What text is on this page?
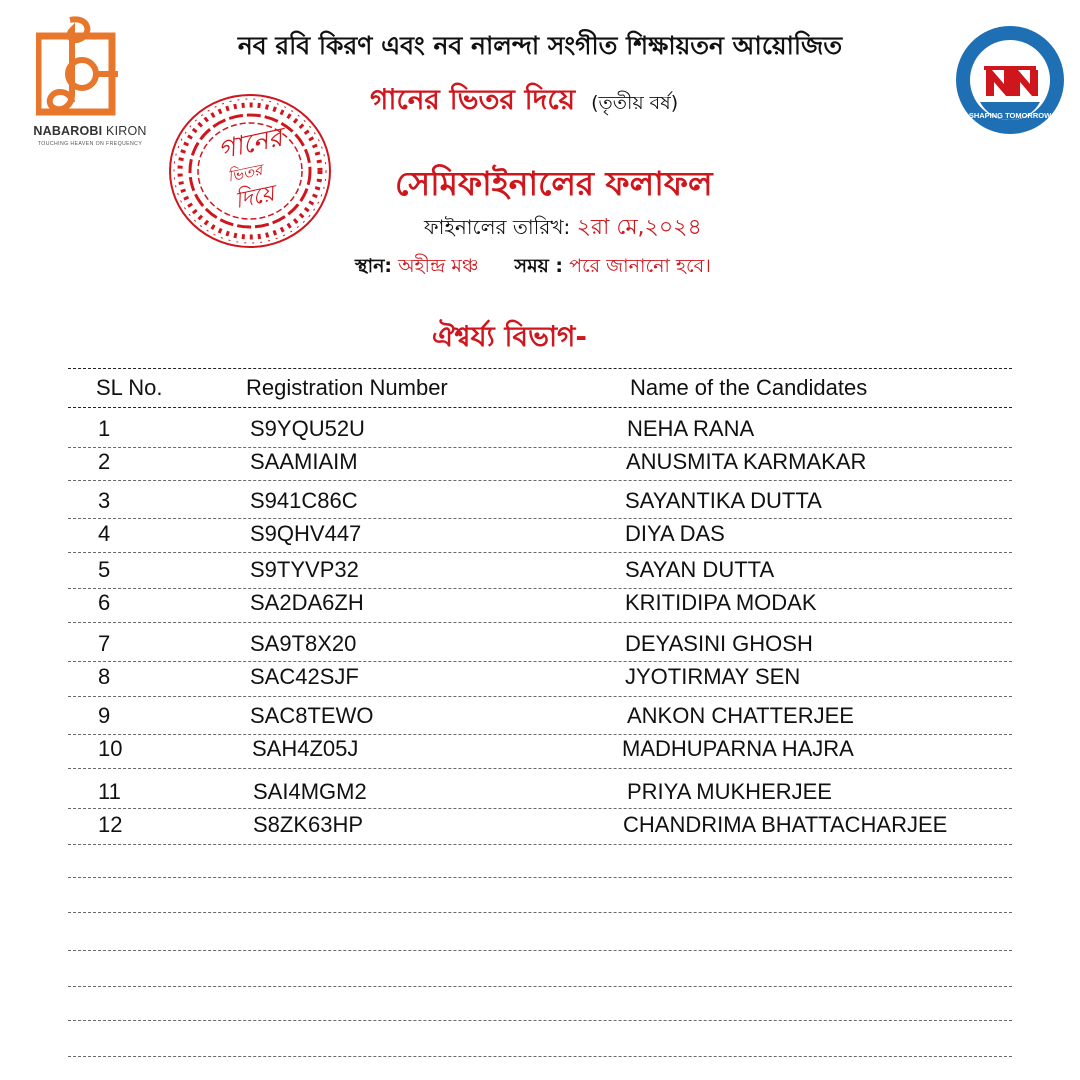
NABAROBI KIRON
TOUCHING HEAVEN ON FREQUENCY
Estd.1967
SHAPING TOMORROW
নব রবি কিরণ এবং নব নালন্দা সংগীত শিক্ষায়তন আয়োজিত
গানের ভিতর দিয়ে (তৃতীয় বর্ষ)
গানের
ভিতর
দিয়ে	সেমিফাইনালের ফলাফল
ফাইনালের তারিখ: ২রা মে,২০২৪
স্থান: অহীন্দ্র মঞ্চ সময় : পরে জানানো হবে।
ঐশ্বর্য্য বিভাগ-
SL No.	Registration Number	Name of the Candidates
1	S9YQU52U	NEHA RANA
2	SAAMIAIM	ANUSMITA KARMAKAR
3	S941C86C	SAYANTIKA DUTTA
4	S9QHV447	DIYA DAS
5	S9TYVP32	SAYAN DUTTA
6	SA2DA6ZH	KRITIDIPA MODAK
7	SA9T8X20	DEYASINI GHOSH
8	SAC42SJF	JYOTIRMAY SEN
9	SAC8TEWO	ANKON CHATTERJEE
10	SAH4Z05J	MADHUPARNA HAJRA
11	SAI4MGM2	PRIYA MUKHERJEE
12	S8ZK63HP	CHANDRIMA BHATTACHARJEE
